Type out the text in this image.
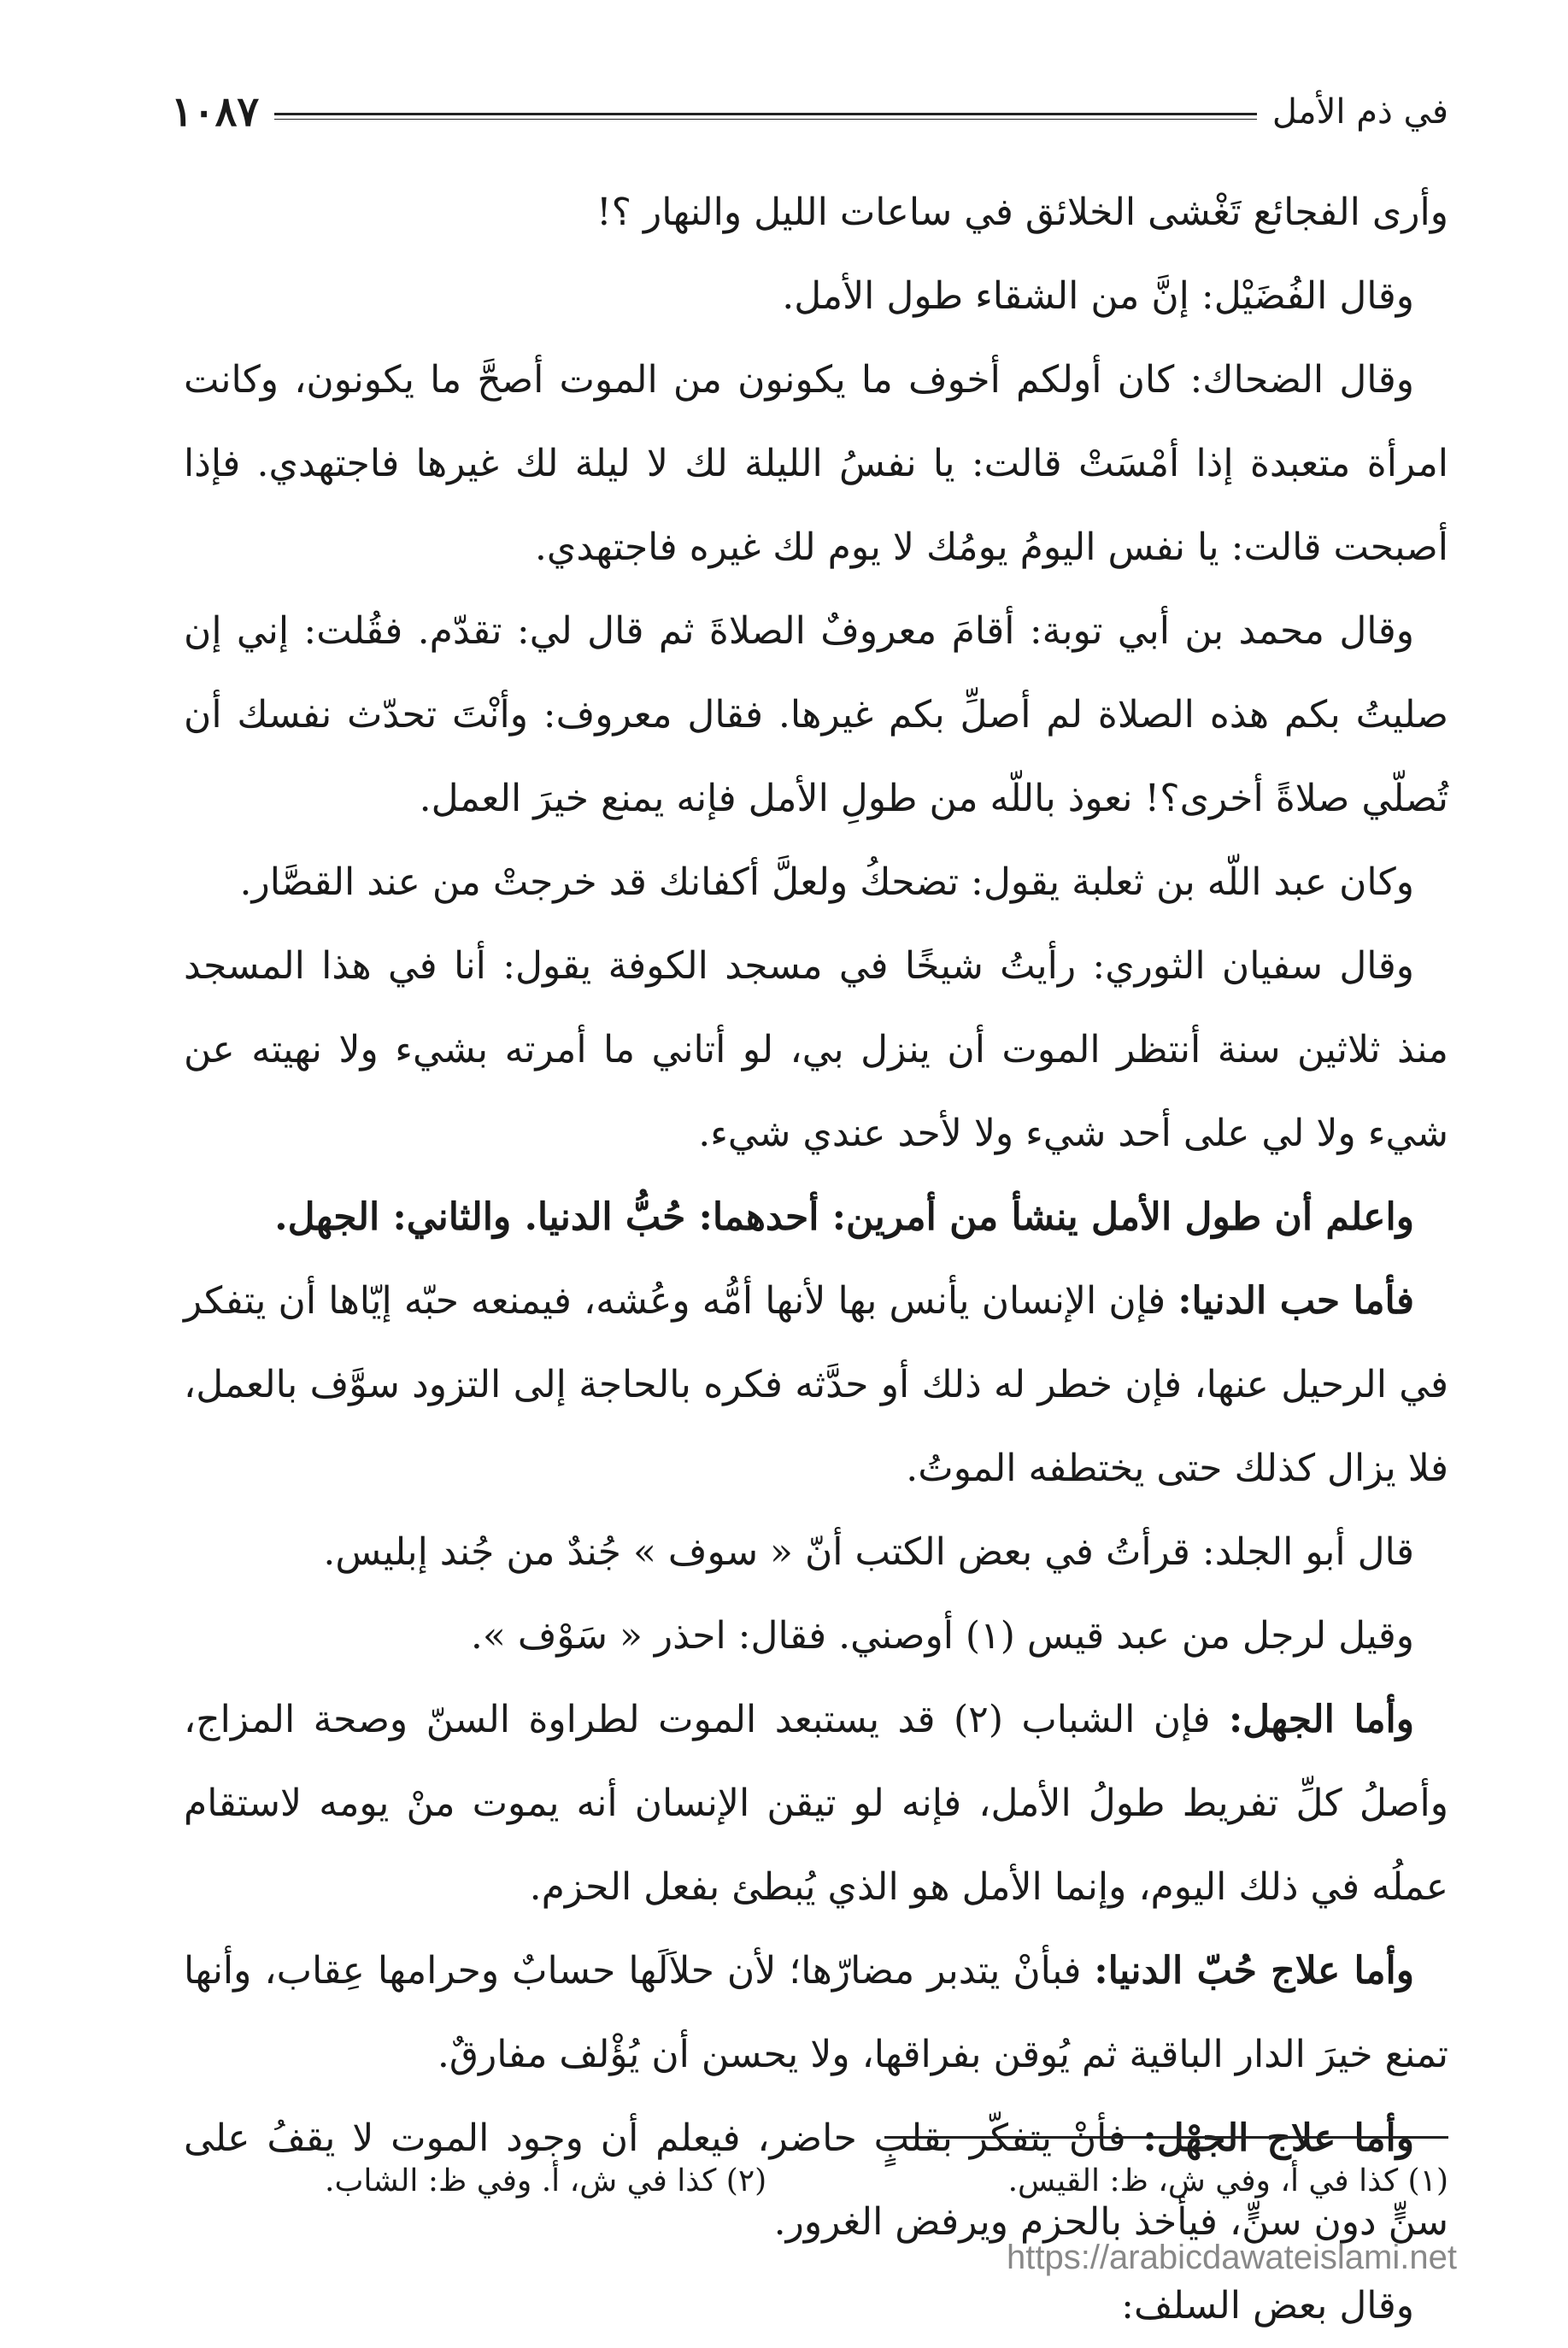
في ذم الأمل
١٠٨٧

وأرى الفجائع تَغْشى الخلائق في ساعات الليل والنهار ؟!

وقال الفُضَيْل: إنَّ من الشقاء طول الأمل.

وقال الضحاك: كان أولكم أخوف ما يكونون من الموت أصحَّ ما يكونون، وكانت امرأة متعبدة إذا أمْسَتْ قالت: يا نفسُ الليلة لك لا ليلة لك غيرها فاجتهدي. فإذا أصبحت قالت: يا نفس اليومُ يومُك لا يوم لك غيره فاجتهدي.

وقال محمد بن أبي توبة: أقامَ معروفٌ الصلاةَ ثم قال لي: تقدّم. فقُلت: إني إن صليتُ بكم هذه الصلاة لم أصلِّ بكم غيرها. فقال معروف: وأنْتَ تحدّث نفسك أن تُصلّي صلاةً أخرى؟! نعوذ باللّه من طولِ الأمل فإنه يمنع خيرَ العمل.

وكان عبد اللّه بن ثعلبة يقول: تضحكُ ولعلَّ أكفانك قد خرجتْ من عند القصَّار.

وقال سفيان الثوري: رأيتُ شيخًا في مسجد الكوفة يقول: أنا في هذا المسجد منذ ثلاثين سنة أنتظر الموت أن ينزل بي، لو أتاني ما أمرته بشيء ولا نهيته عن شيء ولا لي على أحد شيء ولا لأحد عندي شيء.

واعلم أن طول الأمل ينشأ من أمرين: أحدهما: حُبُّ الدنيا. والثاني: الجهل.

فأما حب الدنيا: فإن الإنسان يأنس بها لأنها أمُّه وعُشه، فيمنعه حبّه إيّاها أن يتفكر في الرحيل عنها، فإن خطر له ذلك أو حدَّثه فكره بالحاجة إلى التزود سوَّف بالعمل، فلا يزال كذلك حتى يختطفه الموتُ.

قال أبو الجلد: قرأتُ في بعض الكتب أنّ « سوف » جُندٌ من جُند إبليس.

وقيل لرجل من عبد قيس (١) أوصني. فقال: احذر « سَوْف ».

وأما الجهل: فإن الشباب (٢) قد يستبعد الموت لطراوة السنّ وصحة المزاج، وأصلُ كلِّ تفريط طولُ الأمل، فإنه لو تيقن الإنسان أنه يموت منْ يومه لاستقام عملُه في ذلك اليوم، وإنما الأمل هو الذي يُبطئ بفعل الحزم.

وأما علاج حُبّ الدنيا: فبأنْ يتدبر مضارّها؛ لأن حلاَلَها حسابٌ وحرامها عِقاب، وأنها تمنع خيرَ الدار الباقية ثم يُوقن بفراقها، ولا يحسن أن يُؤْلف مفارقٌ.

وأما علاج الجهْل: فأنْ يتفكّر بقلبٍ حاضر، فيعلم أن وجود الموت لا يقفُ على سنٍّ دون سنٍّ، فيأخذ بالحزم ويرفض الغرور.

وقال بعض السلف:

(١) كذا في أ، وفي ش، ظ: القيس.
(٢) كذا في ش، أ. وفي ظ: الشاب.
https://arabicdawateislami.net
